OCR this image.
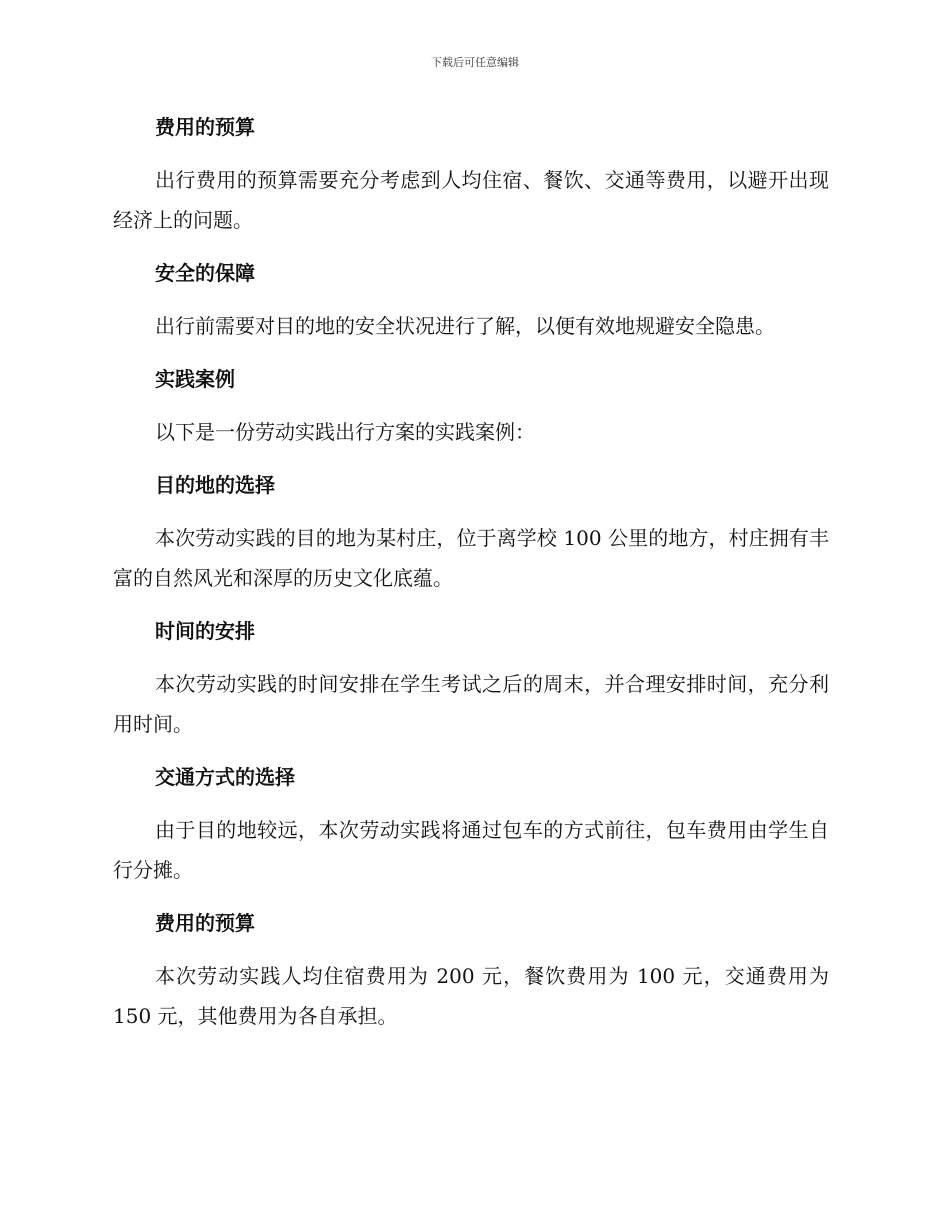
下载后可任意编辑
费用的预算

出行费用的预算需要充分考虑到人均住宿、餐饮、交通等费用，以避开出现经济上的问题。

安全的保障

出行前需要对目的地的安全状况进行了解，以便有效地规避安全隐患。

实践案例

以下是一份劳动实践出行方案的实践案例：

目的地的选择

本次劳动实践的目的地为某村庄，位于离学校 100 公里的地方，村庄拥有丰富的自然风光和深厚的历史文化底蕴。

时间的安排

本次劳动实践的时间安排在学生考试之后的周末，并合理安排时间，充分利用时间。

交通方式的选择

由于目的地较远，本次劳动实践将通过包车的方式前往，包车费用由学生自行分摊。

费用的预算

本次劳动实践人均住宿费用为 200 元，餐饮费用为 100 元，交通费用为 150 元，其他费用为各自承担。
